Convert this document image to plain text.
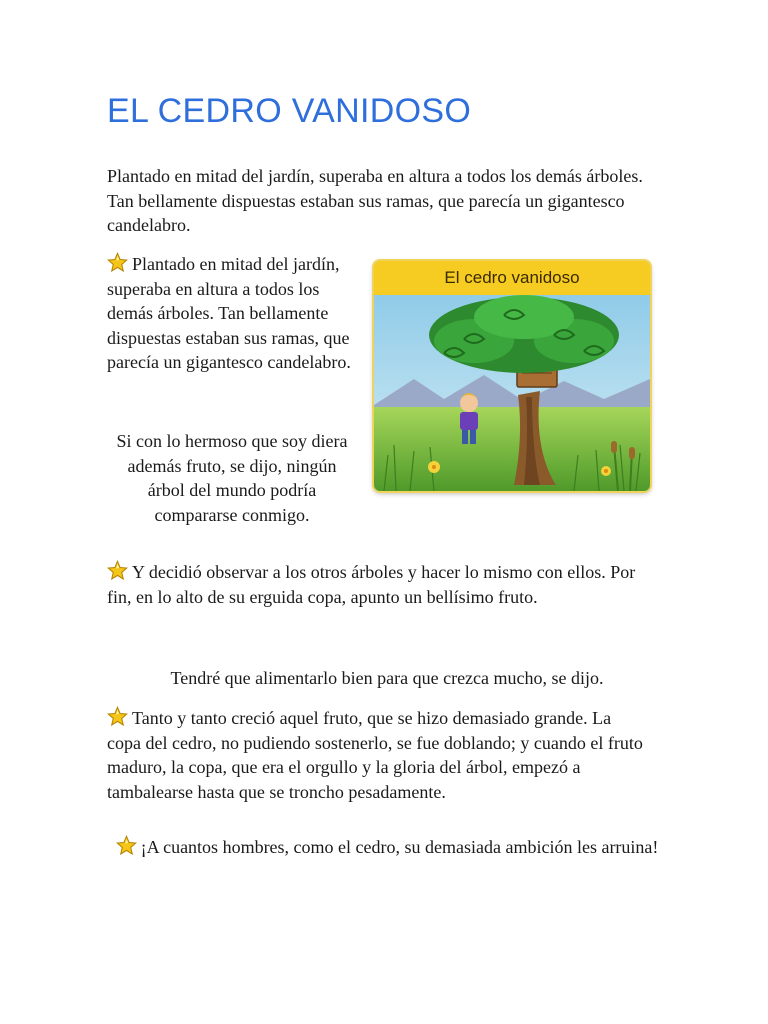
EL CEDRO VANIDOSO

Plantado en mitad del jardín, superaba en altura a todos los demás árboles. Tan bellamente dispuestas estaban sus ramas, que parecía un gigantesco candelabro.

Plantado en mitad del jardín, superaba en altura a todos los demás árboles. Tan bellamente dispuestas estaban sus ramas, que parecía un gigantesco candelabro.

Si con lo hermoso que soy diera además fruto, se dijo, ningún árbol del mundo podría compararse conmigo.

Y decidió observar a los otros árboles y hacer lo mismo con ellos. Por fin, en lo alto de su erguida copa, apunto un bellísimo fruto.

Tendré que alimentarlo bien para que crezca mucho, se dijo.

Tanto y tanto creció aquel fruto, que se hizo demasiado grande. La copa del cedro, no pudiendo sostenerlo, se fue doblando; y cuando el fruto maduro, la copa, que era el orgullo y la gloria del árbol, empezó a tambalearse hasta que se troncho pesadamente.

¡A cuantos hombres, como el cedro, su demasiada ambición les arruina!

El cedro vanidoso
